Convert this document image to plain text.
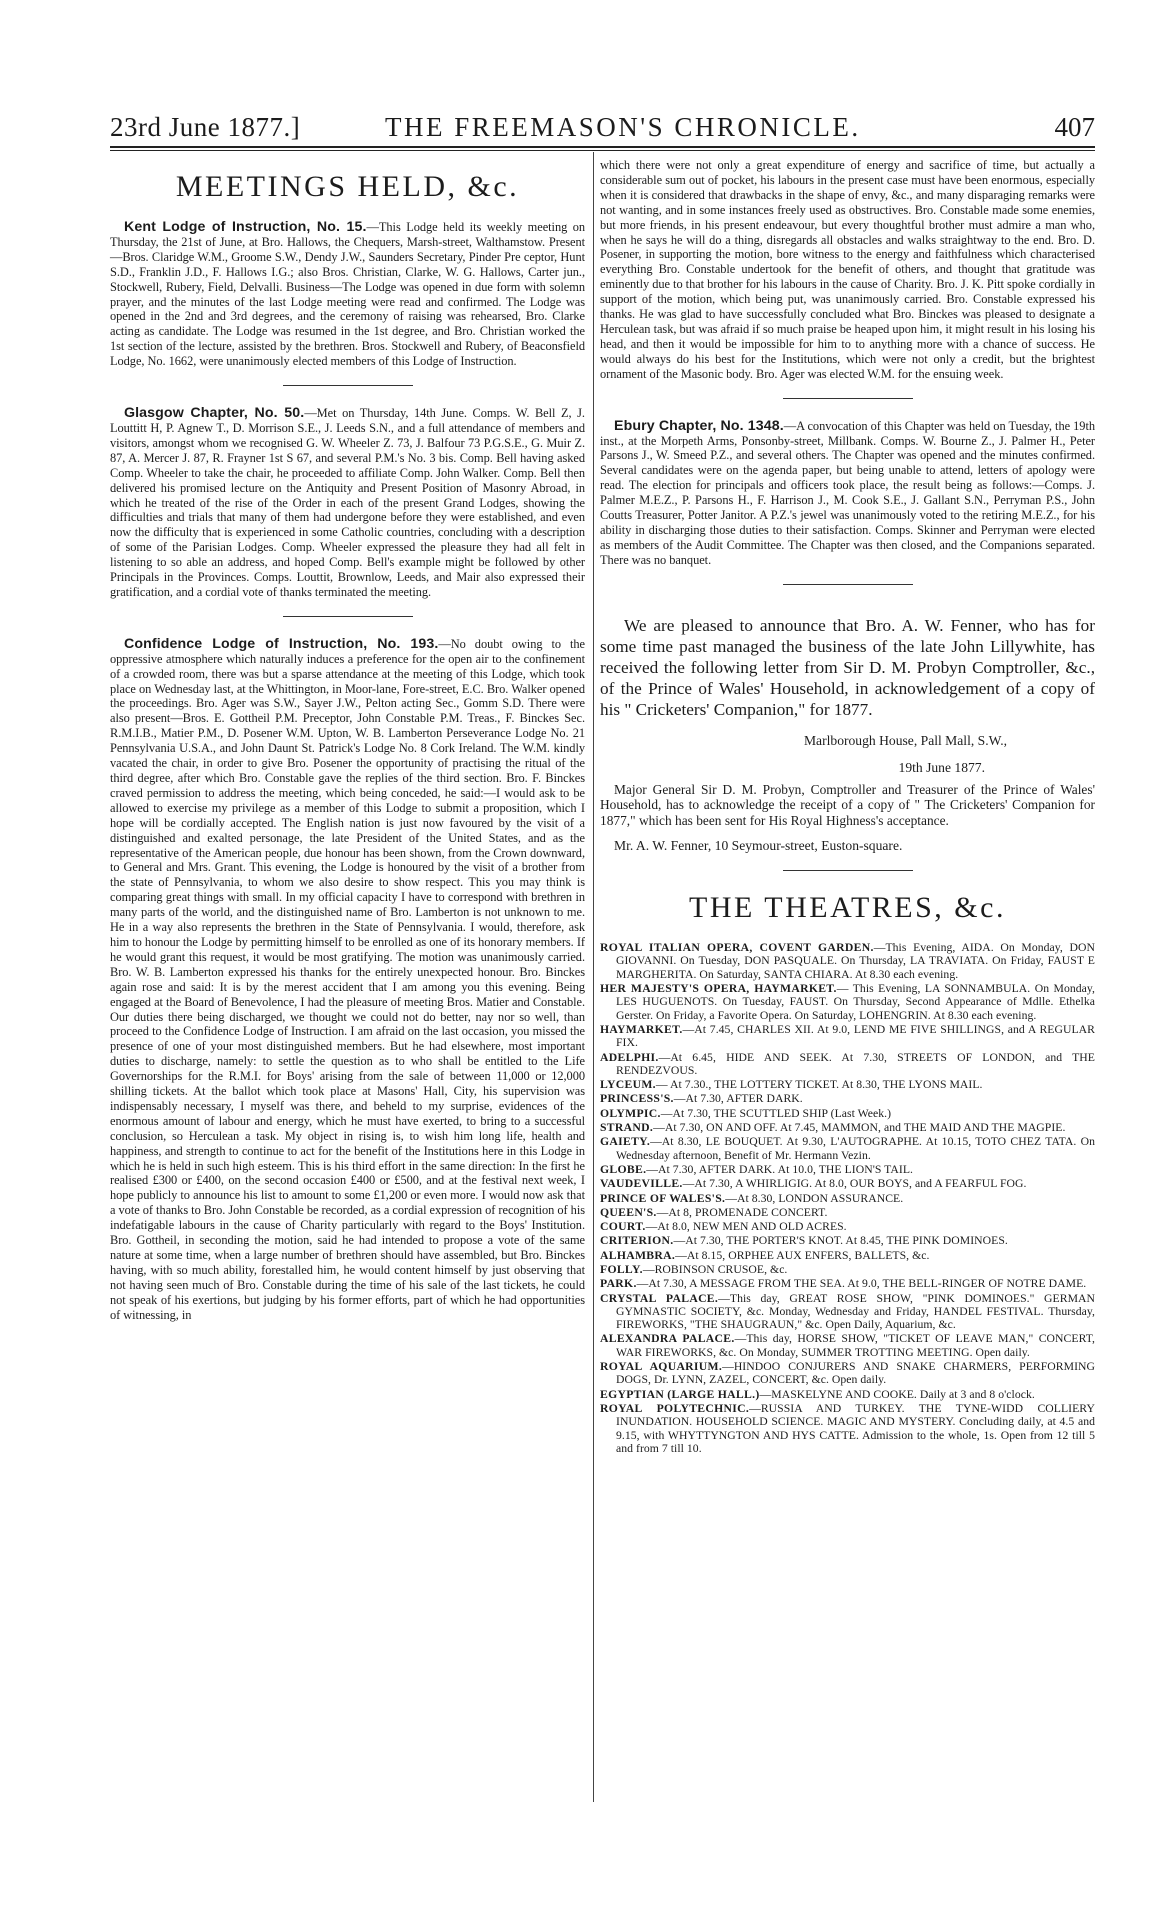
23rd June 1877.]	THE FREEMASON'S CHRONICLE.	407
MEETINGS HELD, &c.

Kent Lodge of Instruction, No. 15.—This Lodge held its weekly meeting on Thursday, the 21st of June, at Bro. Hallows, the Chequers, Marsh-street, Walthamstow. Present—Bros. Claridge W.M., Groome S.W., Dendy J.W., Saunders Secretary, Pinder Pre ceptor, Hunt S.D., Franklin J.D., F. Hallows I.G.; also Bros. Christian, Clarke, W. G. Hallows, Carter jun., Stockwell, Rubery, Field, Delvalli. Business—The Lodge was opened in due form with solemn prayer, and the minutes of the last Lodge meeting were read and confirmed. The Lodge was opened in the 2nd and 3rd degrees, and the ceremony of raising was rehearsed, Bro. Clarke acting as candidate. The Lodge was resumed in the 1st degree, and Bro. Christian worked the 1st section of the lecture, assisted by the brethren. Bros. Stockwell and Rubery, of Beaconsfield Lodge, No. 1662, were unanimously elected members of this Lodge of Instruction.

Glasgow Chapter, No. 50.—Met on Thursday, 14th June. Comps. W. Bell Z, J. Louttitt H, P. Agnew T., D. Morrison S.E., J. Leeds S.N., and a full attendance of members and visitors, amongst whom we recognised G. W. Wheeler Z. 73, J. Balfour 73 P.G.S.E., G. Muir Z. 87, A. Mercer J. 87, R. Frayner 1st S 67, and several P.M.'s No. 3 bis. Comp. Bell having asked Comp. Wheeler to take the chair, he proceeded to affiliate Comp. John Walker. Comp. Bell then delivered his promised lecture on the Antiquity and Present Position of Masonry Abroad, in which he treated of the rise of the Order in each of the present Grand Lodges, showing the difficulties and trials that many of them had undergone before they were established, and even now the difficulty that is experienced in some Catholic countries, concluding with a description of some of the Parisian Lodges. Comp. Wheeler expressed the pleasure they had all felt in listening to so able an address, and hoped Comp. Bell's example might be followed by other Principals in the Provinces. Comps. Louttit, Brownlow, Leeds, and Mair also expressed their gratification, and a cordial vote of thanks terminated the meeting.

Confidence Lodge of Instruction, No. 193.—No doubt owing to the oppressive atmosphere which naturally induces a preference for the open air to the confinement of a crowded room, there was but a sparse attendance at the meeting of this Lodge, which took place on Wednesday last, at the Whittington, in Moor-lane, Fore-street, E.C. Bro. Walker opened the proceedings. Bro. Ager was S.W., Sayer J.W., Pelton acting Sec., Gomm S.D. There were also present—Bros. E. Gottheil P.M. Preceptor, John Constable P.M. Treas., F. Binckes Sec. R.M.I.B., Matier P.M., D. Posener W.M. Upton, W. B. Lamberton Perseverance Lodge No. 21 Pennsylvania U.S.A., and John Daunt St. Patrick's Lodge No. 8 Cork Ireland. The W.M. kindly vacated the chair, in order to give Bro. Posener the opportunity of practising the ritual of the third degree, after which Bro. Constable gave the replies of the third section. Bro. F. Binckes craved permission to address the meeting, which being conceded, he said:—I would ask to be allowed to exercise my privilege as a member of this Lodge to submit a proposition, which I hope will be cordially accepted. The English nation is just now favoured by the visit of a distinguished and exalted personage, the late President of the United States, and as the representative of the American people, due honour has been shown, from the Crown downward, to General and Mrs. Grant. This evening, the Lodge is honoured by the visit of a brother from the state of Pennsylvania, to whom we also desire to show respect. This you may think is comparing great things with small. In my official capacity I have to correspond with brethren in many parts of the world, and the distinguished name of Bro. Lamberton is not unknown to me. He in a way also represents the brethren in the State of Pennsylvania. I would, therefore, ask him to honour the Lodge by permitting himself to be enrolled as one of its honorary members. If he would grant this request, it would be most gratifying. The motion was unanimously carried. Bro. W. B. Lamberton expressed his thanks for the entirely unexpected honour. Bro. Binckes again rose and said: It is by the merest accident that I am among you this evening. Being engaged at the Board of Benevolence, I had the pleasure of meeting Bros. Matier and Constable. Our duties there being discharged, we thought we could not do better, nay nor so well, than proceed to the Confidence Lodge of Instruction. I am afraid on the last occasion, you missed the presence of one of your most distinguished members. But he had elsewhere, most important duties to discharge, namely: to settle the question as to who shall be entitled to the Life Governorships for the R.M.I. for Boys' arising from the sale of between 11,000 or 12,000 shilling tickets. At the ballot which took place at Masons' Hall, City, his supervision was indispensably necessary, I myself was there, and beheld to my surprise, evidences of the enormous amount of labour and energy, which he must have exerted, to bring to a successful conclusion, so Herculean a task. My object in rising is, to wish him long life, health and happiness, and strength to continue to act for the benefit of the Institutions here in this Lodge in which he is held in such high esteem. This is his third effort in the same direction: In the first he realised £300 or £400, on the second occasion £400 or £500, and at the festival next week, I hope publicly to announce his list to amount to some £1,200 or even more. I would now ask that a vote of thanks to Bro. John Constable be recorded, as a cordial expression of recognition of his indefatigable labours in the cause of Charity particularly with regard to the Boys' Institution. Bro. Gottheil, in seconding the motion, said he had intended to propose a vote of the same nature at some time, when a large number of brethren should have assembled, but Bro. Binckes having, with so much ability, forestalled him, he would content himself by just observing that not having seen much of Bro. Constable during the time of his sale of the last tickets, he could not speak of his exertions, but judging by his former efforts, part of which he had opportunities of witnessing, in

which there were not only a great expenditure of energy and sacrifice of time, but actually a considerable sum out of pocket, his labours in the present case must have been enormous, especially when it is considered that drawbacks in the shape of envy, &c., and many disparaging remarks were not wanting, and in some instances freely used as obstructives. Bro. Constable made some enemies, but more friends, in his present endeavour, but every thoughtful brother must admire a man who, when he says he will do a thing, disregards all obstacles and walks straightway to the end. Bro. D. Posener, in supporting the motion, bore witness to the energy and faithfulness which characterised everything Bro. Constable undertook for the benefit of others, and thought that gratitude was eminently due to that brother for his labours in the cause of Charity. Bro. J. K. Pitt spoke cordially in support of the motion, which being put, was unanimously carried. Bro. Constable expressed his thanks. He was glad to have successfully concluded what Bro. Binckes was pleased to designate a Herculean task, but was afraid if so much praise be heaped upon him, it might result in his losing his head, and then it would be impossible for him to to anything more with a chance of success. He would always do his best for the Institutions, which were not only a credit, but the brightest ornament of the Masonic body. Bro. Ager was elected W.M. for the ensuing week.

Ebury Chapter, No. 1348.—A convocation of this Chapter was held on Tuesday, the 19th inst., at the Morpeth Arms, Ponsonby-street, Millbank. Comps. W. Bourne Z., J. Palmer H., Peter Parsons J., W. Smeed P.Z., and several others. The Chapter was opened and the minutes confirmed. Several candidates were on the agenda paper, but being unable to attend, letters of apology were read. The election for principals and officers took place, the result being as follows:—Comps. J. Palmer M.E.Z., P. Parsons H., F. Harrison J., M. Cook S.E., J. Gallant S.N., Perryman P.S., John Coutts Treasurer, Potter Janitor. A P.Z.'s jewel was unanimously voted to the retiring M.E.Z., for his ability in discharging those duties to their satisfaction. Comps. Skinner and Perryman were elected as members of the Audit Committee. The Chapter was then closed, and the Companions separated. There was no banquet.

We are pleased to announce that Bro. A. W. Fenner, who has for some time past managed the business of the late John Lillywhite, has received the following letter from Sir D. M. Probyn Comptroller, &c., of the Prince of Wales' Household, in acknowledgement of a copy of his " Cricketers' Companion," for 1877.

Marlborough House, Pall Mall, S.W.,

19th June 1877.

Major General Sir D. M. Probyn, Comptroller and Treasurer of the Prince of Wales' Household, has to acknowledge the receipt of a copy of " The Cricketers' Companion for 1877," which has been sent for His Royal Highness's acceptance.

Mr. A. W. Fenner, 10 Seymour-street, Euston-square.

THE THEATRES, &c.

ROYAL ITALIAN OPERA, COVENT GARDEN.—This Evening, AIDA. On Monday, DON GIOVANNI. On Tuesday, DON PASQUALE. On Thursday, LA TRAVIATA. On Friday, FAUST E MARGHERITA. On Saturday, SANTA CHIARA. At 8.30 each evening.

HER MAJESTY'S OPERA, HAYMARKET.— This Evening, LA SONNAMBULA. On Monday, LES HUGUENOTS. On Tuesday, FAUST. On Thursday, Second Appearance of Mdlle. Ethelka Gerster. On Friday, a Favorite Opera. On Saturday, LOHENGRIN. At 8.30 each evening.

HAYMARKET.—At 7.45, CHARLES XII. At 9.0, LEND ME FIVE SHILLINGS, and A REGULAR FIX.

ADELPHI.—At 6.45, HIDE AND SEEK. At 7.30, STREETS OF LONDON, and THE RENDEZVOUS.

LYCEUM.— At 7.30., THE LOTTERY TICKET. At 8.30, THE LYONS MAIL.

PRINCESS'S.—At 7.30, AFTER DARK.

OLYMPIC.—At 7.30, THE SCUTTLED SHIP (Last Week.)

STRAND.—At 7.30, ON AND OFF. At 7.45, MAMMON, and THE MAID AND THE MAGPIE.

GAIETY.—At 8.30, LE BOUQUET. At 9.30, L'AUTOGRAPHE. At 10.15, TOTO CHEZ TATA. On Wednesday afternoon, Benefit of Mr. Hermann Vezin.

GLOBE.—At 7.30, AFTER DARK. At 10.0, THE LION'S TAIL.

VAUDEVILLE.—At 7.30, A WHIRLIGIG. At 8.0, OUR BOYS, and A FEARFUL FOG.

PRINCE OF WALES'S.—At 8.30, LONDON ASSURANCE.

QUEEN'S.—At 8, PROMENADE CONCERT.

COURT.—At 8.0, NEW MEN AND OLD ACRES.

CRITERION.—At 7.30, THE PORTER'S KNOT. At 8.45, THE PINK DOMINOES.

ALHAMBRA.—At 8.15, ORPHEE AUX ENFERS, BALLETS, &c.

FOLLY.—ROBINSON CRUSOE, &c.

PARK.—At 7.30, A MESSAGE FROM THE SEA. At 9.0, THE BELL-RINGER OF NOTRE DAME.

CRYSTAL PALACE.—This day, GREAT ROSE SHOW, "PINK DOMINOES." GERMAN GYMNASTIC SOCIETY, &c. Monday, Wednesday and Friday, HANDEL FESTIVAL. Thursday, FIREWORKS, "THE SHAUGRAUN," &c. Open Daily, Aquarium, &c.

ALEXANDRA PALACE.—This day, HORSE SHOW, "TICKET OF LEAVE MAN," CONCERT, WAR FIREWORKS, &c. On Monday, SUMMER TROTTING MEETING. Open daily.

ROYAL AQUARIUM.—HINDOO CONJURERS AND SNAKE CHARMERS, PERFORMING DOGS, Dr. LYNN, ZAZEL, CONCERT, &c. Open daily.

EGYPTIAN (LARGE HALL.)—MASKELYNE AND COOKE. Daily at 3 and 8 o'clock.

ROYAL POLYTECHNIC.—RUSSIA AND TURKEY. THE TYNE-WIDD COLLIERY INUNDATION. HOUSEHOLD SCIENCE. MAGIC AND MYSTERY. Concluding daily, at 4.5 and 9.15, with WHYTTYNGTON AND HYS CATTE. Admission to the whole, 1s. Open from 12 till 5 and from 7 till 10.
